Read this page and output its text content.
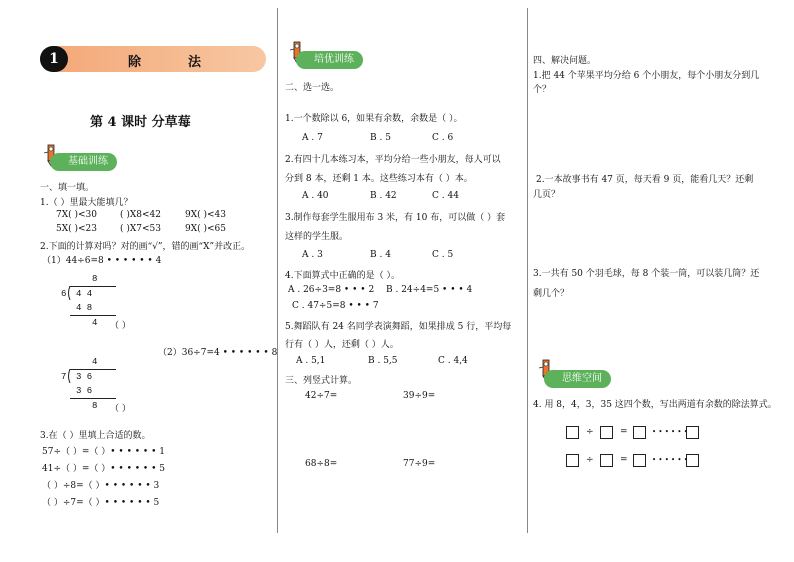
1	除	法
第 4 课时 分草莓
基础训练
一、填一填。
1.（ ）里最大能填几？
7X( )<30	( )X8<42	9X( )<43
5X( )<23	( )X7<53	9X( )<65
2.下面的计算对吗？对的画“√”，错的画“X”并改正。
（1）44÷6=8 • • • • • • 4
8
6 4 4
4 8
4 （ ）
（2）36÷7=4 • • • • • • 8
4
7 3 6
3 6
8 （ ）
3.在（ ）里填上合适的数。
57÷（ ）=（ ）• • • • • • 1
41÷（ ）=（ ）• • • • • • 5
（ ）÷8=（ ）• • • • • • 3
（ ）÷7=（ ）• • • • • • 5
培优训练
二、选一选。
1.一个数除以 6，如果有余数，余数是（ ）。
A . 7	B . 5	C . 6
2.有四十几本练习本，平均分给一些小朋友，每人可以
分到 8 本，还剩 1 本。这些练习本有（ ）本。
A . 40	B . 42	C . 44
3.制作每套学生服用布 3 米，有 10 布，可以做（ ）套
这样的学生服。
A . 3	B . 4	C . 5
4.下面算式中正确的是（ ）。
A . 26÷3=8 • • • 2 B . 24÷4=5 • • • 4
C . 47÷5=8 • • • 7
5.舞蹈队有 24 名同学表演舞蹈，如果排成 5 行，平均每
行有（ ）人，还剩（ ）人。
A . 5,1	B . 5,5	C . 4,4
三、列竖式计算。
42÷7=	39÷9=
68÷8=	77÷9=
四、解决问题。
1.把 44 个苹果平均分给 6 个小朋友，每个小朋友分到几
个？
2.一本故事书有 47 页，每天看 9 页，能看几天？还剩
几页？
3.一共有 50 个羽毛球，每 8 个装一筒，可以装几筒？还
剩几个？
思维空间
4. 用 8，4，3，35 这四个数，写出两道有余数的除法算式。
÷	=	• • • • • •
÷	=	• • • • • •
